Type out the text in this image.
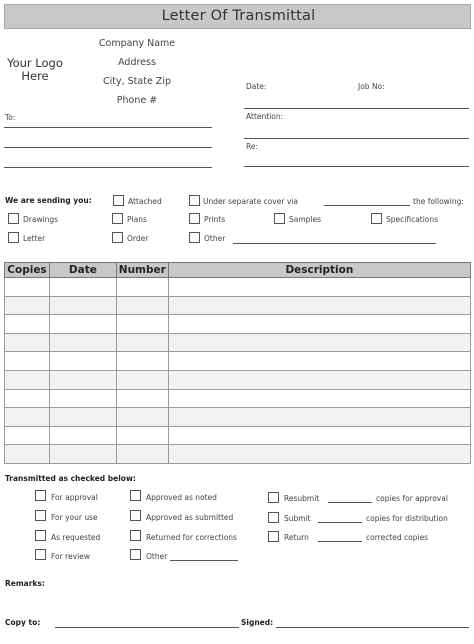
Letter Of Transmittal
Your Logo
Here
Company Name
Address
City, State Zip
Phone #
Date:	Job No:
Attention:
Re:
To:
We are sending you:	Attached	Under separate cover via	the following:
Drawings	Plans	Prints	Samples	Specifications
Letter	Order	Other
Copies	Date	Number	Description

Transmitted as checked below:
For approval
For your use
As requested
For review
Approved as noted
Approved as submitted
Returned for corrections
Other
Resubmit	copies for approval
Submit	copies for distribution
Return	corrected copies
Remarks:
Copy to:	Signed:
